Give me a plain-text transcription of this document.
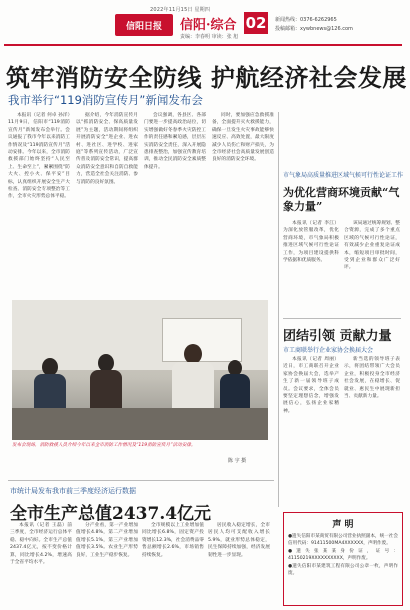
2022年11月15日 星期四
信阳日报	信阳·综合
责编：李春明 审读：张 旭
02	新闻热线：0376-6262965
投稿邮箱：xywbnews@126.com
筑牢消防安全防线 护航经济社会发展
我市举行“119消防宣传月”新闻发布会

本报讯（记者 何卓 孙洋）11月9日，信阳市“119消防宣传月”新闻发布会举行。会议通报了我市今年以来消防工作情况及“119消防宣传月”活动安排。今年以来，全市消防救援部门始终坚持“人民至上、生命至上”，紧紧围绕“防大火、控小火、保平安”目标，认真组织开展安全生产大检查、消防安全专项整治等工作，全市火灾形势总体平稳。

据介绍，今年消防宣传月以“抓消防安全、保高质量发展”为主题，活动期间将组织开展消防安全“进企业、进农村、进社区、进学校、进家庭”等系列宣传活动，广泛宣传普及消防安全常识，提高群众消防安全意识和自防自救能力，营造全社会关注消防、参与消防的良好氛围。

会议强调，各县区、各部门要进一步提高政治站位，切实增强做好冬春季火灾防控工作的责任感和紧迫感，层层压实消防安全责任，深入开展隐患排查整治，加强宣传教育培训，推动全民消防安全素质整体提升。

同时，要加强应急救援准备，全面提升灭火救援能力，确保一旦发生火灾事故能够快速反应、高效处置，最大限度减少人员伤亡和财产损失，为全市经济社会高质量发展创造良好的消防安全环境。

发布会现场，消防救援人员介绍今年以来全市消防工作情况及“119消防宣传月”活动安排。
陈 宇 摄
市气象局高质量推进区域气候可行性论证工作
为优化营商环境贡献“气象力量”

本报讯（记者 李江）为深化放管服改革，优化营商环境，市气象局积极推进区域气候可行性论证工作，为项目建设提供科学依据和优质服务。

该局通过统筹规划、整合资源，完成了多个重点区域的气候可行性论证，有效减少企业重复论证成本，缩短项目审批时间，受到企业和群众广泛好评。

团结引领 贡献力量
市工商联举行企业家协会换届大会

本报讯（记者 周丽）近日，市工商联召开企业家协会换届大会，选举产生了新一届领导班子成员。会议要求，全体会员要坚定理想信念，增强发展信心，弘扬企业家精神。

新当选的领导班子表示，将团结带领广大会员企业，积极投身全市经济社会发展，在稳增长、促就业、惠民生中展现新担当、贡献新力量。

市统计局发布我市前三季度经济运行数据
全市生产总值2437.4亿元

本报讯（记者 王磊）前三季度，全市经济运行总体平稳、稳中向好。全市生产总值2437.4亿元，按不变价格计算，同比增长4.2%，增速高于全省平均水平。

分产业看，第一产业增加值增长4.8%，第二产业增加值增长5.1%，第三产业增加值增长3.5%。农业生产形势良好，工业生产稳步恢复。

全市规模以上工业增加值同比增长6.8%，固定资产投资增长12.3%，社会消费品零售总额增长2.6%，市场销售持续恢复。

居民收入稳定增长，全市居民人均可支配收入增长5.9%，就业形势总体稳定，民生保障持续加强，经济发展韧性进一步显现。

声 明

●遗失信阳市某商贸有限公司营业执照副本，统一社会信用代码：91411500MA4XXXXXX，声明作废。

●遗失张某某身份证，证号：41150219XXXXXXXXXX，声明作废。

●遗失信阳市某建筑工程有限公司公章一枚，声明作废。
